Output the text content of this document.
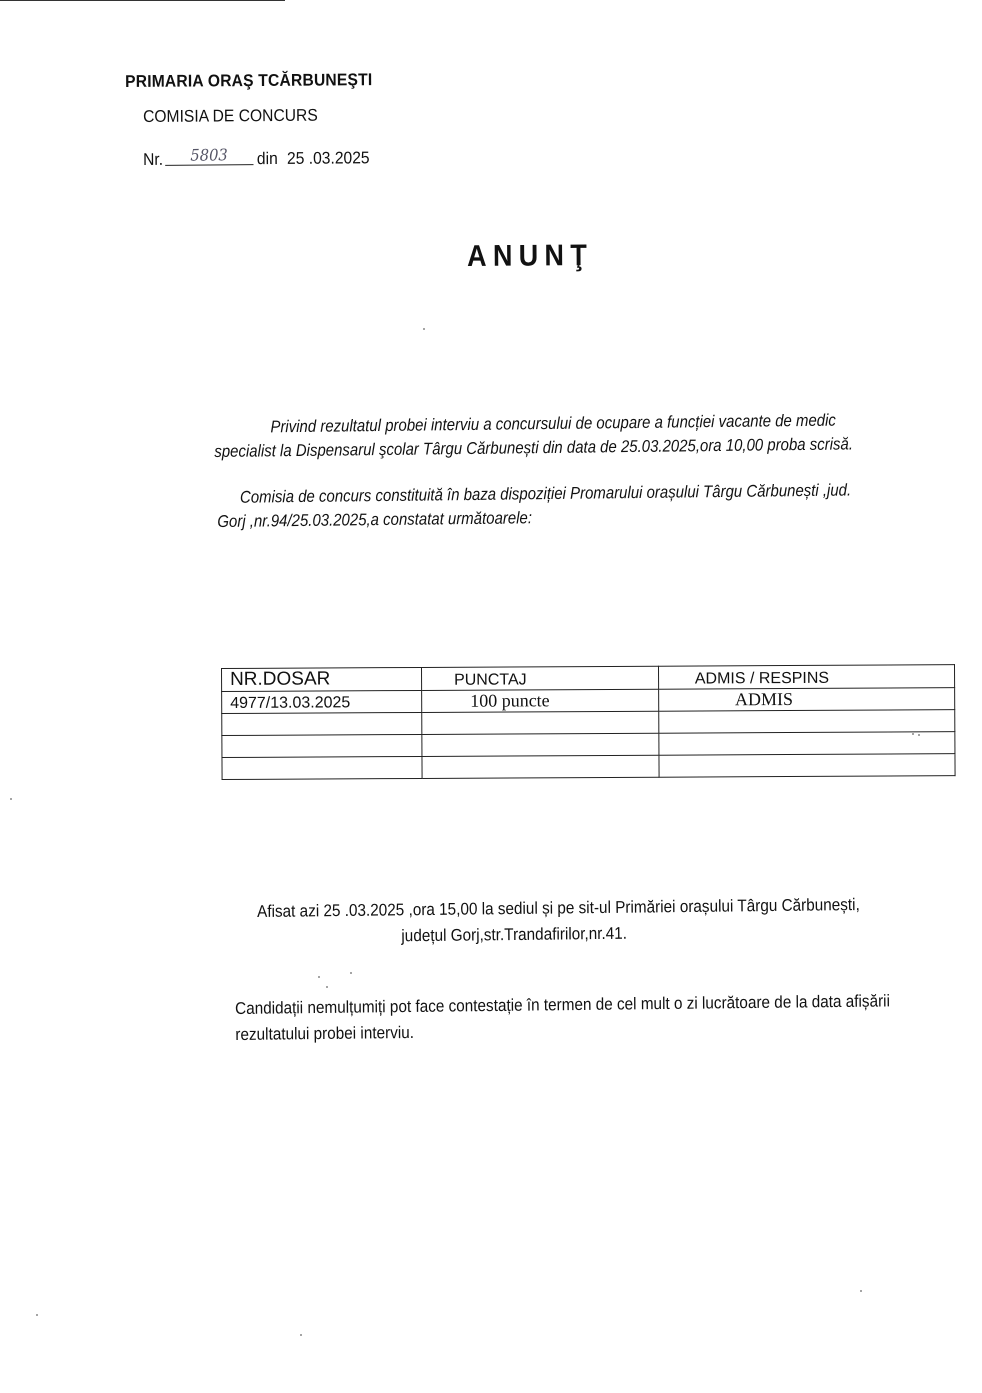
PRIMARIA ORAŞ TCĂRBUNEŞTI
COMISIA DE CONCURS
Nr. 5803 din 25 .03.2025
ANUNŢ
Privind rezultatul probei interviu a concursului de ocupare a funcției vacante de medic
specialist la Dispensarul şcolar Târgu Cărbunești din data de 25.03.2025,ora 10,00 proba scrisă.
Comisia de concurs constituită în baza dispoziției Promarului orașului Târgu Cărbunești ,jud.
Gorj ,nr.94/25.03.2025,a constatat următoarele:
NR.DOSAR	PUNCTAJ	ADMIS / RESPINS
4977/13.03.2025	100 puncte	ADMIS

Afisat azi 25 .03.2025 ,ora 15,00 la sediul și pe sit-ul Primăriei orașului Târgu Cărbunești,
județul Gorj,str.Trandafirilor,nr.41.
Candidații nemulțumiți pot face contestație în termen de cel mult o zi lucrătoare de la data afișării
rezultatului probei interviu.
